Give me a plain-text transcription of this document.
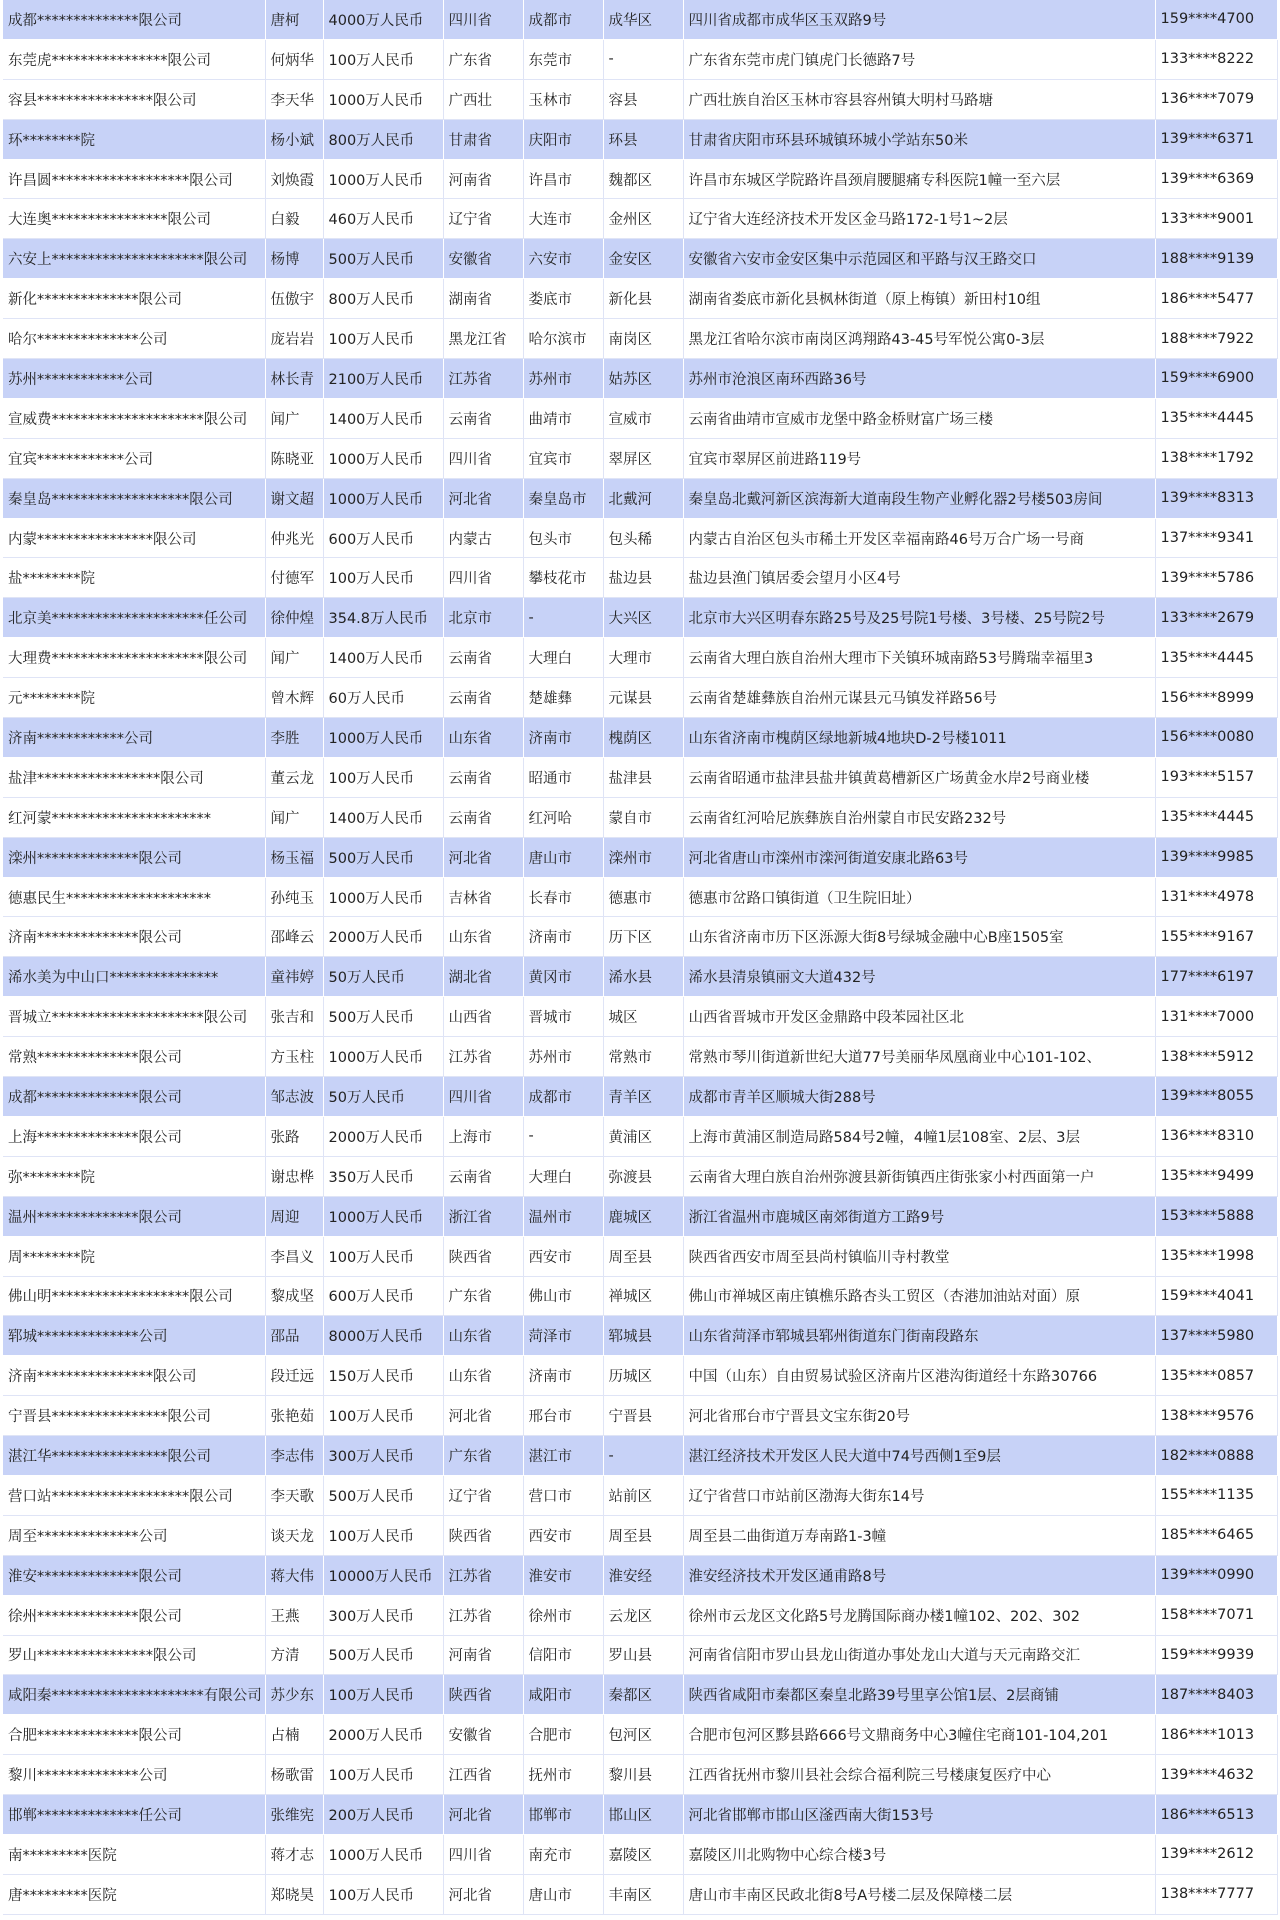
成都**************限公司	唐柯	4000万人民币	四川省	成都市	成华区	四川省成都市成华区玉双路9号	159****4700
东莞虎****************限公司	何炳华	100万人民币	广东省	东莞市	-	广东省东莞市虎门镇虎门长德路7号	133****8222
容县****************限公司	李天华	1000万人民币	广西壮	玉林市	容县	广西壮族自治区玉林市容县容州镇大明村马路塘	136****7079
环********院	杨小斌	800万人民币	甘肃省	庆阳市	环县	甘肃省庆阳市环县环城镇环城小学站东50米	139****6371
许昌圆*******************限公司	刘焕霞	1000万人民币	河南省	许昌市	魏都区	许昌市东城区学院路许昌颈肩腰腿痛专科医院1幢一至六层	139****6369
大连奥****************限公司	白毅	460万人民币	辽宁省	大连市	金州区	辽宁省大连经济技术开发区金马路172-1号1~2层	133****9001
六安上*********************限公司	杨博	500万人民币	安徽省	六安市	金安区	安徽省六安市金安区集中示范园区和平路与汉王路交口	188****9139
新化**************限公司	伍傲宇	800万人民币	湖南省	娄底市	新化县	湖南省娄底市新化县枫林街道（原上梅镇）新田村10组	186****5477
哈尔**************公司	庞岩岩	100万人民币	黑龙江省	哈尔滨市	南岗区	黑龙江省哈尔滨市南岗区鸿翔路43-45号军悦公寓0-3层	188****7922
苏州************公司	林长青	2100万人民币	江苏省	苏州市	姑苏区	苏州市沧浪区南环西路36号	159****6900
宣威费*********************限公司	闻广	1400万人民币	云南省	曲靖市	宣威市	云南省曲靖市宣威市龙堡中路金桥财富广场三楼	135****4445
宜宾************公司	陈晓亚	1000万人民币	四川省	宜宾市	翠屏区	宜宾市翠屏区前进路119号	138****1792
秦皇岛*******************限公司	谢文超	1000万人民币	河北省	秦皇岛市	北戴河	秦皇岛北戴河新区滨海新大道南段生物产业孵化器2号楼503房间	139****8313
内蒙****************限公司	仲兆光	600万人民币	内蒙古	包头市	包头稀	内蒙古自治区包头市稀土开发区幸福南路46号万合广场一号商	137****9341
盐********院	付德军	100万人民币	四川省	攀枝花市	盐边县	盐边县渔门镇居委会望月小区4号	139****5786
北京美*********************任公司	徐仲煌	354.8万人民币	北京市	-	大兴区	北京市大兴区明春东路25号及25号院1号楼、3号楼、25号院2号	133****2679
大理费*********************限公司	闻广	1400万人民币	云南省	大理白	大理市	云南省大理白族自治州大理市下关镇环城南路53号腾瑞幸福里3	135****4445
元********院	曾木辉	60万人民币	云南省	楚雄彝	元谋县	云南省楚雄彝族自治州元谋县元马镇发祥路56号	156****8999
济南************公司	李胜	1000万人民币	山东省	济南市	槐荫区	山东省济南市槐荫区绿地新城4地块D-2号楼1011	156****0080
盐津*****************限公司	董云龙	100万人民币	云南省	昭通市	盐津县	云南省昭通市盐津县盐井镇黄葛槽新区广场黄金水岸2号商业楼	193****5157
红河蒙**********************	闻广	1400万人民币	云南省	红河哈	蒙自市	云南省红河哈尼族彝族自治州蒙自市民安路232号	135****4445
滦州**************限公司	杨玉福	500万人民币	河北省	唐山市	滦州市	河北省唐山市滦州市滦河街道安康北路63号	139****9985
德惠民生********************	孙纯玉	1000万人民币	吉林省	长春市	德惠市	德惠市岔路口镇街道（卫生院旧址）	131****4978
济南**************限公司	邵峰云	2000万人民币	山东省	济南市	历下区	山东省济南市历下区泺源大街8号绿城金融中心B座1505室	155****9167
浠水美为中山口***************	童祎婷	50万人民币	湖北省	黄冈市	浠水县	浠水县清泉镇丽文大道432号	177****6197
晋城立*********************限公司	张吉和	500万人民币	山西省	晋城市	城区	山西省晋城市开发区金鼎路中段苯园社区北	131****7000
常熟**************限公司	方玉柱	1000万人民币	江苏省	苏州市	常熟市	常熟市琴川街道新世纪大道77号美丽华凤凰商业中心101-102、	138****5912
成都**************限公司	邹志波	50万人民币	四川省	成都市	青羊区	成都市青羊区顺城大街288号	139****8055
上海**************限公司	张路	2000万人民币	上海市	-	黄浦区	上海市黄浦区制造局路584号2幢，4幢1层108室、2层、3层	136****8310
弥********院	谢忠桦	350万人民币	云南省	大理白	弥渡县	云南省大理白族自治州弥渡县新街镇西庄街张家小村西面第一户	135****9499
温州**************限公司	周迎	1000万人民币	浙江省	温州市	鹿城区	浙江省温州市鹿城区南郊街道方工路9号	153****5888
周********院	李昌义	100万人民币	陕西省	西安市	周至县	陕西省西安市周至县尚村镇临川寺村教堂	135****1998
佛山明*******************限公司	黎成坚	600万人民币	广东省	佛山市	禅城区	佛山市禅城区南庄镇樵乐路杏头工贸区（杏港加油站对面）原	159****4041
郓城**************公司	邵品	8000万人民币	山东省	菏泽市	郓城县	山东省菏泽市郓城县郓州街道东门街南段路东	137****5980
济南****************限公司	段迁远	150万人民币	山东省	济南市	历城区	中国（山东）自由贸易试验区济南片区港沟街道经十东路30766	135****0857
宁晋县****************限公司	张艳茹	100万人民币	河北省	邢台市	宁晋县	河北省邢台市宁晋县文宝东街20号	138****9576
湛江华****************限公司	李志伟	300万人民币	广东省	湛江市	-	湛江经济技术开发区人民大道中74号西侧1至9层	182****0888
营口站*******************限公司	李天歌	500万人民币	辽宁省	营口市	站前区	辽宁省营口市站前区渤海大街东14号	155****1135
周至**************公司	谈天龙	100万人民币	陕西省	西安市	周至县	周至县二曲街道万寿南路1-3幢	185****6465
淮安**************限公司	蒋大伟	10000万人民币	江苏省	淮安市	淮安经	淮安经济技术开发区通甫路8号	139****0990
徐州**************限公司	王燕	300万人民币	江苏省	徐州市	云龙区	徐州市云龙区文化路5号龙腾国际商办楼1幢102、202、302	158****7071
罗山****************限公司	方清	500万人民币	河南省	信阳市	罗山县	河南省信阳市罗山县龙山街道办事处龙山大道与天元南路交汇	159****9939
咸阳秦*********************有限公司	苏少东	100万人民币	陕西省	咸阳市	秦都区	陕西省咸阳市秦都区秦皇北路39号里享公馆1层、2层商铺	187****8403
合肥**************限公司	占楠	2000万人民币	安徽省	合肥市	包河区	合肥市包河区黟县路666号文鼎商务中心3幢住宅商101-104,201	186****1013
黎川**************公司	杨歌雷	100万人民币	江西省	抚州市	黎川县	江西省抚州市黎川县社会综合福利院三号楼康复医疗中心	139****4632
邯郸**************任公司	张维宪	200万人民币	河北省	邯郸市	邯山区	河北省邯郸市邯山区滏西南大街153号	186****6513
南*********医院	蒋才志	1000万人民币	四川省	南充市	嘉陵区	嘉陵区川北购物中心综合楼3号	139****2612
唐*********医院	郑晓昊	100万人民币	河北省	唐山市	丰南区	唐山市丰南区民政北街8号A号楼二层及保障楼二层	138****7777
